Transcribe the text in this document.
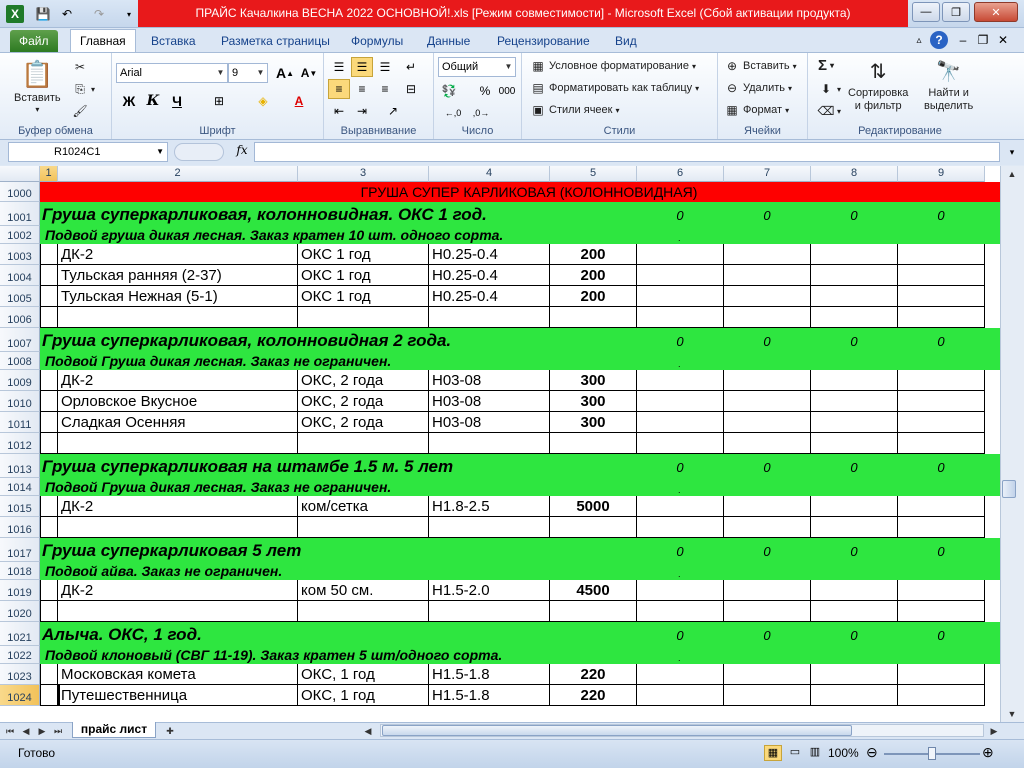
X	💾 ↶	↷	▾	ПРАЙС Качалкина ВЕСНА 2022 ОСНОВНОЙ!.xls [Режим совместимости] - Microsoft Excel (Сбой активации продукта)	—	❐	✕
Файл	Главная	Вставка	Разметка страницы	Формулы	Данные	Рецензирование	Вид	▵	?	– ❐ ✕
📋
Вставить
▾
✂
⎘ ▾
🖌
Буфер обмена
Arial	▼ 9	▼ A ▲ A ▼
Ж К Ч	⊞	◈	A
Шрифт
☰	☰	☰	↵
≡	≡	≡	⊟
⇤	⇥	↗
Выравнивание
Общий	▼
💱	% 000
←,0	,0→
Число
▦ Условное форматирование ▾
▤ Форматировать как таблицу ▾
▣ Стили ячеек ▾
Стили
⊕ Вставить ▾
⊖ Удалить ▾
▦ Формат ▾
Ячейки
Σ ▾
⬇ ▾
⌫ ▾
⇅
Сортировка
и фильтр
🔭
Найти и
выделить
Редактирование
R1024C1	▼	fx	▾
1	2	3	4	5	6	7	8	9
1000	ГРУША СУПЕР КАРЛИКОВАЯ (КОЛОННОВИДНАЯ)
1001 Груша суперкарликовая, колонновидная. ОКС 1 год.	0	0	0	0
1002 Подвой груша дикая лесная. Заказ кратен 10 шт. одного сорта.	.
1003	ДК-2	ОКС 1 год	Н0.25-0.4	200
1004	Тульская ранняя (2-37)	ОКС 1 год	Н0.25-0.4	200
1005	Тульская Нежная (5-1)	ОКС 1 год	Н0.25-0.4	200
1006
1007 Груша суперкарликовая, колонновидная 2 года.	0	0	0	0
1008 Подвой Груша дикая лесная. Заказ не ограничен.	.
1009	ДК-2	ОКС, 2 года	Н03-08	300
1010	Орловское Вкусное	ОКС, 2 года	Н03-08	300
1011	Сладкая Осенняя	ОКС, 2 года	Н03-08	300
1012
1013 Груша суперкарликовая на штамбе 1.5 м. 5 лет	0	0	0	0
1014 Подвой Груша дикая лесная. Заказ не ограничен.	.
1015	ДК-2	ком/сетка	Н1.8-2.5	5000
1016
1017 Груша суперкарликовая 5 лет	0	0	0	0
1018 Подвой айва. Заказ не ограничен.	.
1019	ДК-2	ком 50 см.	Н1.5-2.0	4500
1020
1021 Алыча. ОКС, 1 год.	0	0	0	0
1022 Подвой клоновый (СВГ 11-19). Заказ кратен 5 шт/одного сорта.	.
1023	Московская комета	ОКС, 1 год	Н1.5-1.8	220
1024	Путешественница	ОКС, 1 год	Н1.5-1.8	220
▲
▼
⏮ ◀	▶ ⏭	✚	◀	▶
прайс лист
Готово	▦	▭ ▥ 100% ⊖	⊕
